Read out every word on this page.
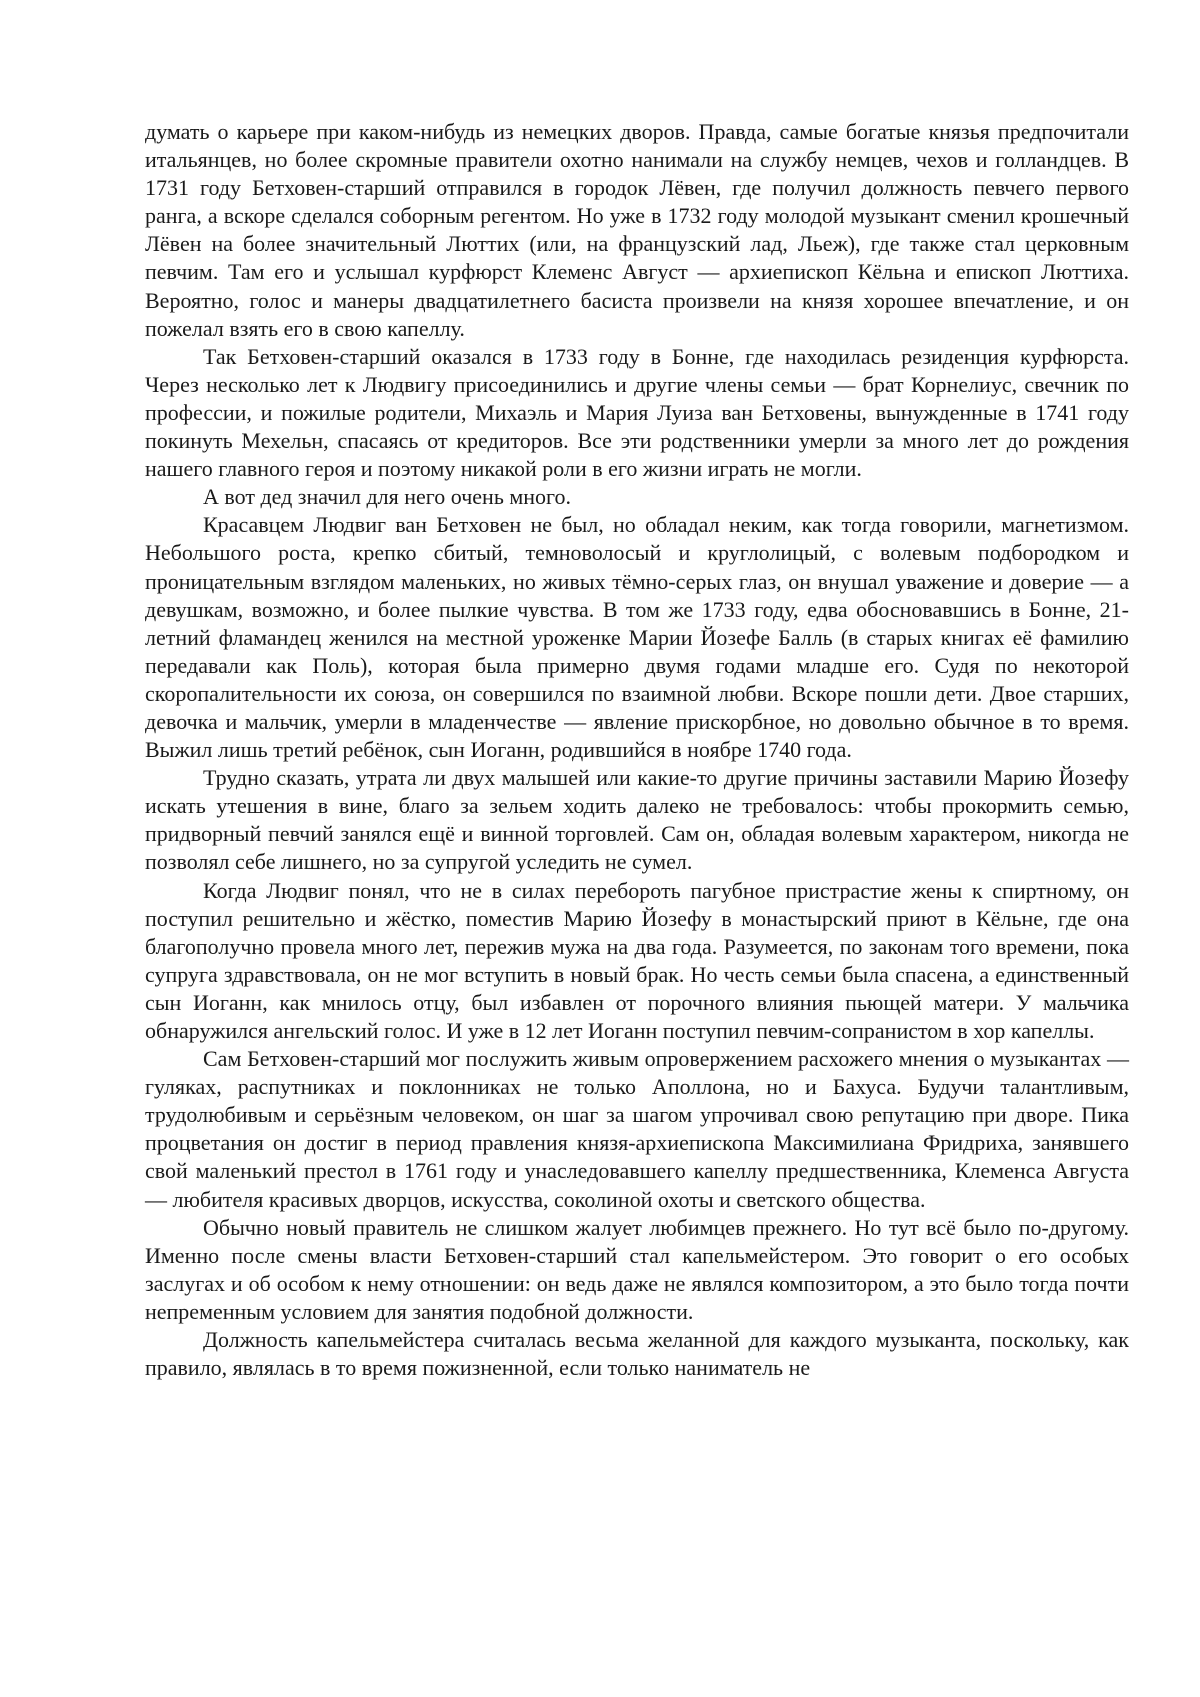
думать о карьере при каком-нибудь из немецких дворов. Правда, самые богатые князья предпочитали итальянцев, но более скромные правители охотно нанимали на службу немцев, чехов и голландцев. В 1731 году Бетховен-старший отправился в городок Лёвен, где получил должность певчего первого ранга, а вскоре сделался соборным регентом. Но уже в 1732 году молодой музыкант сменил крошечный Лёвен на более значительный Люттих (или, на французский лад, Льеж), где также стал церковным певчим. Там его и услышал курфюрст Клеменс Август — архиепископ Кёльна и епископ Люттиха. Вероятно, голос и манеры двадцатилетнего басиста произвели на князя хорошее впечатление, и он пожелал взять его в свою капеллу.

Так Бетховен-старший оказался в 1733 году в Бонне, где находилась резиденция курфюрста. Через несколько лет к Людвигу присоединились и другие члены семьи — брат Корнелиус, свечник по профессии, и пожилые родители, Михаэль и Мария Луиза ван Бетховены, вынужденные в 1741 году покинуть Мехельн, спасаясь от кредиторов. Все эти родственники умерли за много лет до рождения нашего главного героя и поэтому никакой роли в его жизни играть не могли.

А вот дед значил для него очень много.

Красавцем Людвиг ван Бетховен не был, но обладал неким, как тогда говорили, магнетизмом. Небольшого роста, крепко сбитый, темноволосый и круглолицый, с волевым подбородком и проницательным взглядом маленьких, но живых тёмно-серых глаз, он внушал уважение и доверие — а девушкам, возможно, и более пылкие чувства. В том же 1733 году, едва обосновавшись в Бонне, 21-летний фламандец женился на местной уроженке Марии Йозефе Балль (в старых книгах её фамилию передавали как Поль), которая была примерно двумя годами младше его. Судя по некоторой скоропалительности их союза, он совершился по взаимной любви. Вскоре пошли дети. Двое старших, девочка и мальчик, умерли в младенчестве — явление прискорбное, но довольно обычное в то время. Выжил лишь третий ребёнок, сын Иоганн, родившийся в ноябре 1740 года.

Трудно сказать, утрата ли двух малышей или какие-то другие причины заставили Марию Йозефу искать утешения в вине, благо за зельем ходить далеко не требовалось: чтобы прокормить семью, придворный певчий занялся ещё и винной торговлей. Сам он, обладая волевым характером, никогда не позволял себе лишнего, но за супругой уследить не сумел.

Когда Людвиг понял, что не в силах перебороть пагубное пристрастие жены к спиртному, он поступил решительно и жёстко, поместив Марию Йозефу в монастырский приют в Кёльне, где она благополучно провела много лет, пережив мужа на два года. Разумеется, по законам того времени, пока супруга здравствовала, он не мог вступить в новый брак. Но честь семьи была спасена, а единственный сын Иоганн, как мнилось отцу, был избавлен от порочного влияния пьющей матери. У мальчика обнаружился ангельский голос. И уже в 12 лет Иоганн поступил певчим-сопранистом в хор капеллы.

Сам Бетховен-старший мог послужить живым опровержением расхожего мнения о музыкантах — гуляках, распутниках и поклонниках не только Аполлона, но и Бахуса. Будучи талантливым, трудолюбивым и серьёзным человеком, он шаг за шагом упрочивал свою репутацию при дворе. Пика процветания он достиг в период правления князя-архиепископа Максимилиана Фридриха, занявшего свой маленький престол в 1761 году и унаследовавшего капеллу предшественника, Клеменса Августа — любителя красивых дворцов, искусства, соколиной охоты и светского общества.

Обычно новый правитель не слишком жалует любимцев прежнего. Но тут всё было по-другому. Именно после смены власти Бетховен-старший стал капельмейстером. Это говорит о его особых заслугах и об особом к нему отношении: он ведь даже не являлся композитором, а это было тогда почти непременным условием для занятия подобной должности.

Должность капельмейстера считалась весьма желанной для каждого музыканта, поскольку, как правило, являлась в то время пожизненной, если только наниматель не
